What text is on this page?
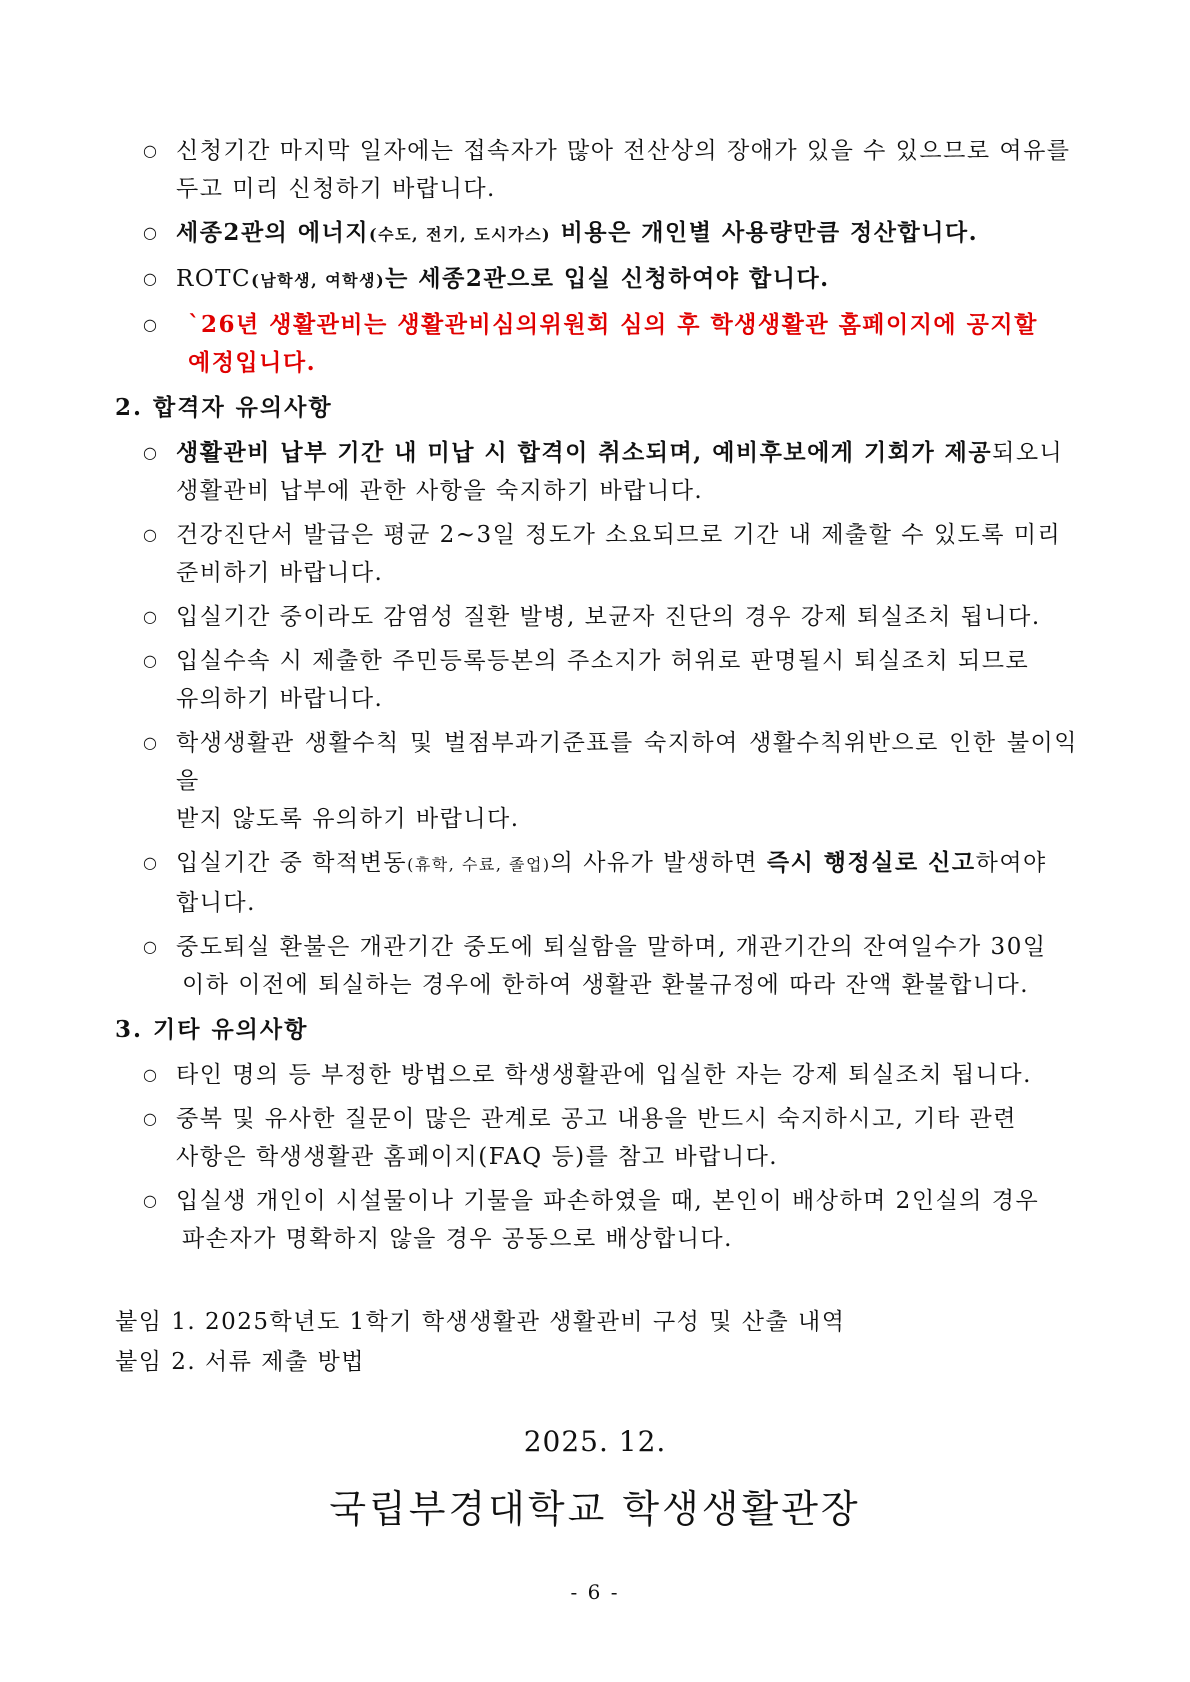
○ 신청기간 마지막 일자에는 접속자가 많아 전산상의 장애가 있을 수 있으므로 여유를
두고 미리 신청하기 바랍니다.
○ 세종2관의 에너지(수도, 전기, 도시가스) 비용은 개인별 사용량만큼 정산합니다.
○ ROTC(남학생, 여학생)는 세종2관으로 입실 신청하여야 합니다.
○	`26년 생활관비는 생활관비심의위원회 심의 후 학생생활관 홈페이지에 공지할
예정입니다.
2. 합격자 유의사항
○ 생활관비 납부 기간 내 미납 시 합격이 취소되며, 예비후보에게 기회가 제공되오니
생활관비 납부에 관한 사항을 숙지하기 바랍니다.
○ 건강진단서 발급은 평균 2~3일 정도가 소요되므로 기간 내 제출할 수 있도록 미리
준비하기 바랍니다.
○ 입실기간 중이라도 감염성 질환 발병, 보균자 진단의 경우 강제 퇴실조치 됩니다.
○ 입실수속 시 제출한 주민등록등본의 주소지가 허위로 판명될시 퇴실조치 되므로
유의하기 바랍니다.
○ 학생생활관 생활수칙 및 벌점부과기준표를 숙지하여 생활수칙위반으로 인한 불이익을
받지 않도록 유의하기 바랍니다.
○ 입실기간 중 학적변동(휴학, 수료, 졸업)의 사유가 발생하면 즉시 행정실로 신고하여야
합니다.
○ 중도퇴실 환불은 개관기간 중도에 퇴실함을 말하며, 개관기간의 잔여일수가 30일
이하 이전에 퇴실하는 경우에 한하여 생활관 환불규정에 따라 잔액 환불합니다.
3. 기타 유의사항
○ 타인 명의 등 부정한 방법으로 학생생활관에 입실한 자는 강제 퇴실조치 됩니다.
○ 중복 및 유사한 질문이 많은 관계로 공고 내용을 반드시 숙지하시고, 기타 관련
사항은 학생생활관 홈페이지(FAQ 등)를 참고 바랍니다.
○ 입실생 개인이 시설물이나 기물을 파손하였을 때, 본인이 배상하며 2인실의 경우
파손자가 명확하지 않을 경우 공동으로 배상합니다.

붙임 1. 2025학년도 1학기 학생생활관 생활관비 구성 및 산출 내역

붙임 2. 서류 제출 방법

2025. 12.
국립부경대학교 학생생활관장
- 6 -
